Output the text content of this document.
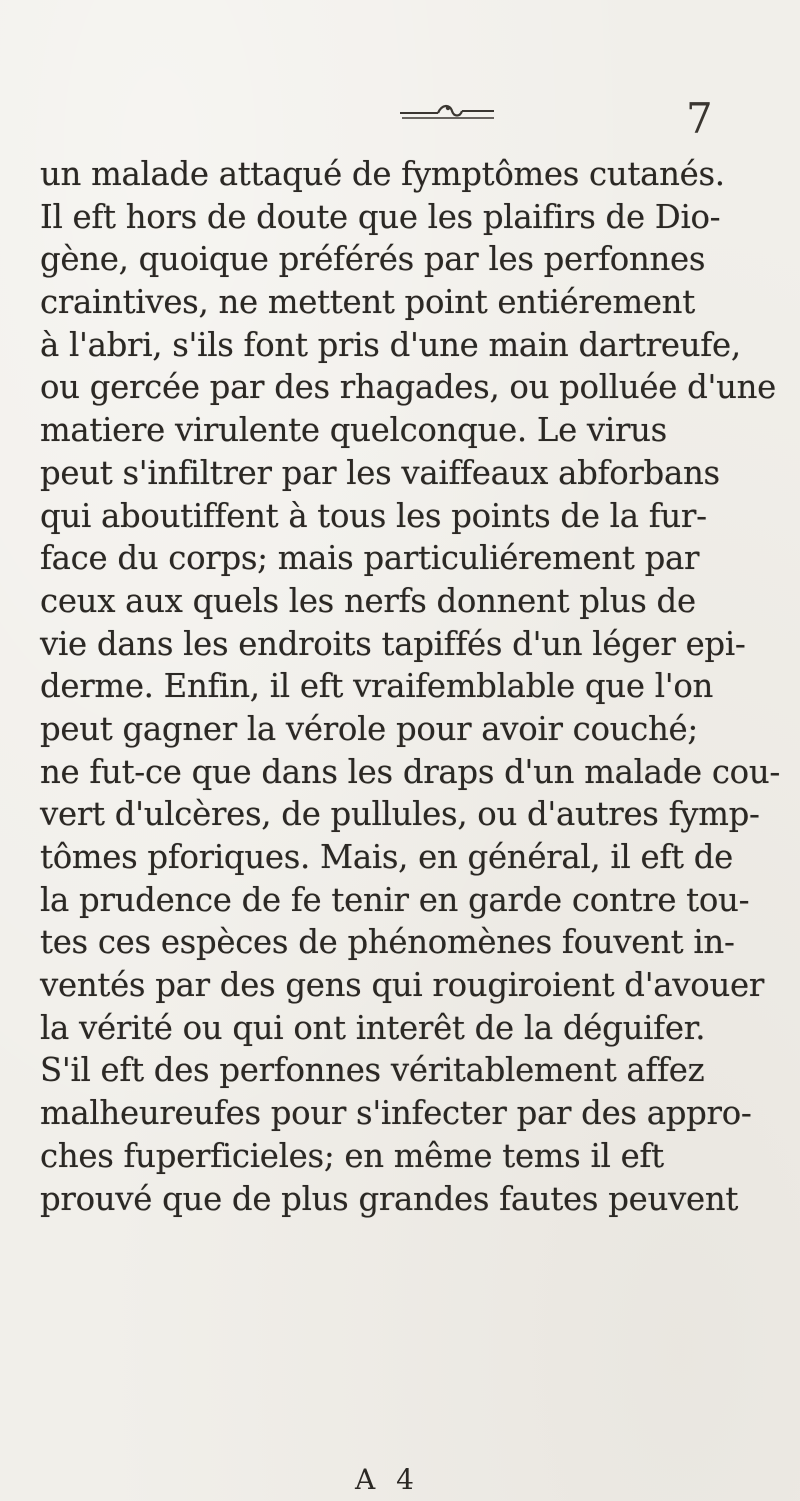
7
un malade attaqué de fymptômes cutanés.
Il eft hors de doute que les plaifirs de Dio-
gène, quoique préférés par les perfonnes
craintives, ne mettent point entiérement
à l'abri, s'ils font pris d'une main dartreufe,
ou gercée par des rhagades, ou polluée d'une
matiere virulente quelconque. Le virus
peut s'infiltrer par les vaiffeaux abforbans
qui aboutiffent à tous les points de la fur-
face du corps; mais particuliérement par
ceux aux quels les nerfs donnent plus de
vie dans les endroits tapiffés d'un léger epi-
derme. Enfin, il eft vraifemblable que l'on
peut gagner la vérole pour avoir couché;
ne fut-ce que dans les draps d'un malade cou-
vert d'ulcères, de pullules, ou d'autres fymp-
tômes pforiques. Mais, en général, il eft de
la prudence de fe tenir en garde contre tou-
tes ces espèces de phénomènes fouvent in-
ventés par des gens qui rougiroient d'avouer
la vérité ou qui ont interêt de la déguifer.
S'il eft des perfonnes véritablement affez
malheureufes pour s'infecter par des appro-
ches fuperficieles; en même tems il eft
prouvé que de plus grandes fautes peuvent
A 4
